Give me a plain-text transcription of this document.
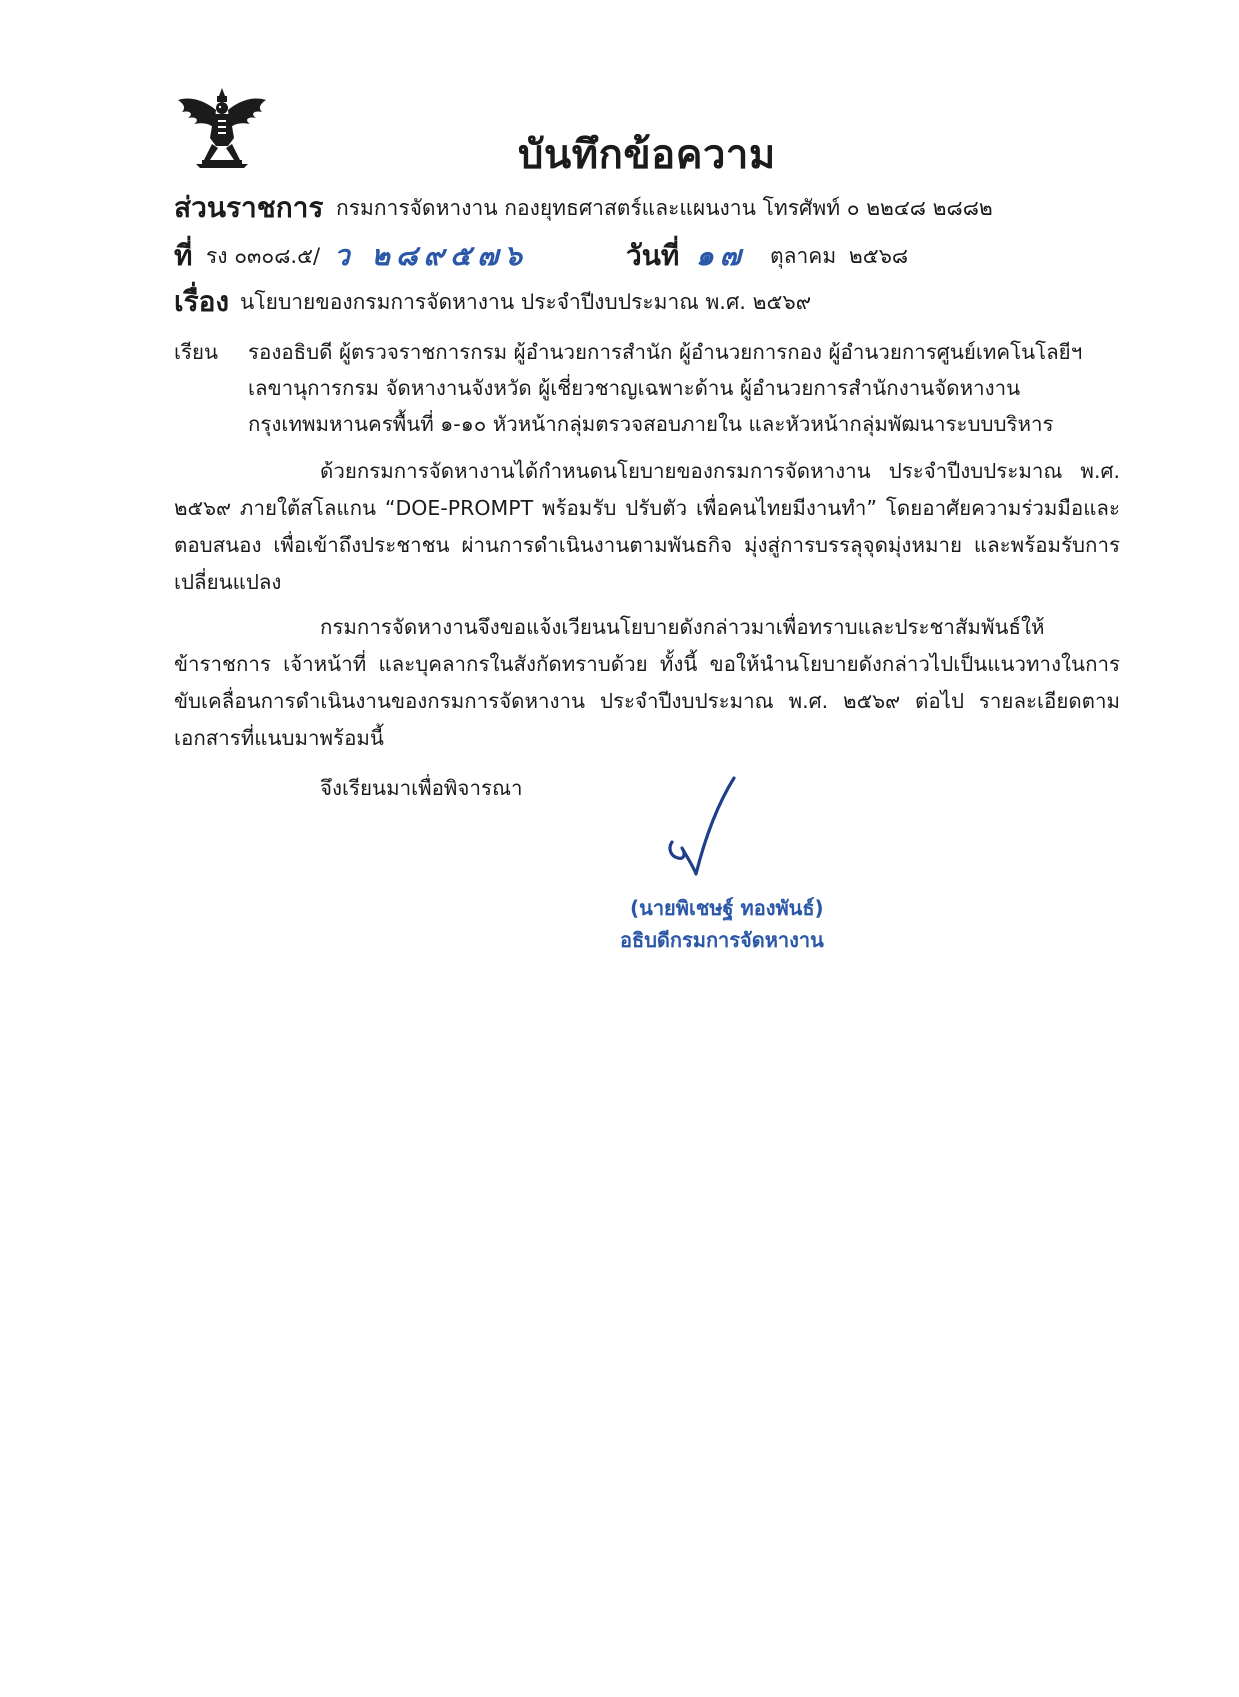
บันทึกข้อความ
ส่วนราชการ กรมการจัดหางาน กองยุทธศาสตร์และแผนงาน โทรศัพท์ ๐ ๒๒๔๘ ๒๘๘๒
ที่ รง ๐๓๐๘.๕/ ว ๒๘๙๕๗๖	วันที่ ๑๗ ตุลาคม ๒๕๖๘
เรื่อง นโยบายของกรมการจัดหางาน ประจำปีงบประมาณ พ.ศ. ๒๕๖๙
เรียน รองอธิบดี ผู้ตรวจราชการกรม ผู้อำนวยการสำนัก ผู้อำนวยการกอง ผู้อำนวยการศูนย์เทคโนโลยีฯ
เลขานุการกรม จัดหางานจังหวัด ผู้เชี่ยวชาญเฉพาะด้าน ผู้อำนวยการสำนักงานจัดหางาน
กรุงเทพมหานครพื้นที่ ๑-๑๐ หัวหน้ากลุ่มตรวจสอบภายใน และหัวหน้ากลุ่มพัฒนาระบบบริหาร
ด้วยกรมการจัดหางานได้กำหนดนโยบายของกรมการจัดหางาน ประจำปีงบประมาณ พ.ศ. ๒๕๖๙ ภายใต้สโลแกน “DOE-PROMPT พร้อมรับ ปรับตัว เพื่อคนไทยมีงานทำ” โดยอาศัยความร่วมมือและตอบสนอง เพื่อเข้าถึงประชาชน ผ่านการดำเนินงานตามพันธกิจ มุ่งสู่การบรรลุจุดมุ่งหมาย และพร้อมรับการเปลี่ยนแปลง
กรมการจัดหางานจึงขอแจ้งเวียนนโยบายดังกล่าวมาเพื่อทราบและประชาสัมพันธ์ให้ข้าราชการ เจ้าหน้าที่ และบุคลากรในสังกัดทราบด้วย ทั้งนี้ ขอให้นำนโยบายดังกล่าวไปเป็นแนวทางในการขับเคลื่อนการดำเนินงานของกรมการจัดหางาน ประจำปีงบประมาณ พ.ศ. ๒๕๖๙ ต่อไป รายละเอียดตามเอกสารที่แนบมาพร้อมนี้
จึงเรียนมาเพื่อพิจารณา
(นายพิเชษฐ์ ทองพันธ์)
อธิบดีกรมการจัดหางาน
